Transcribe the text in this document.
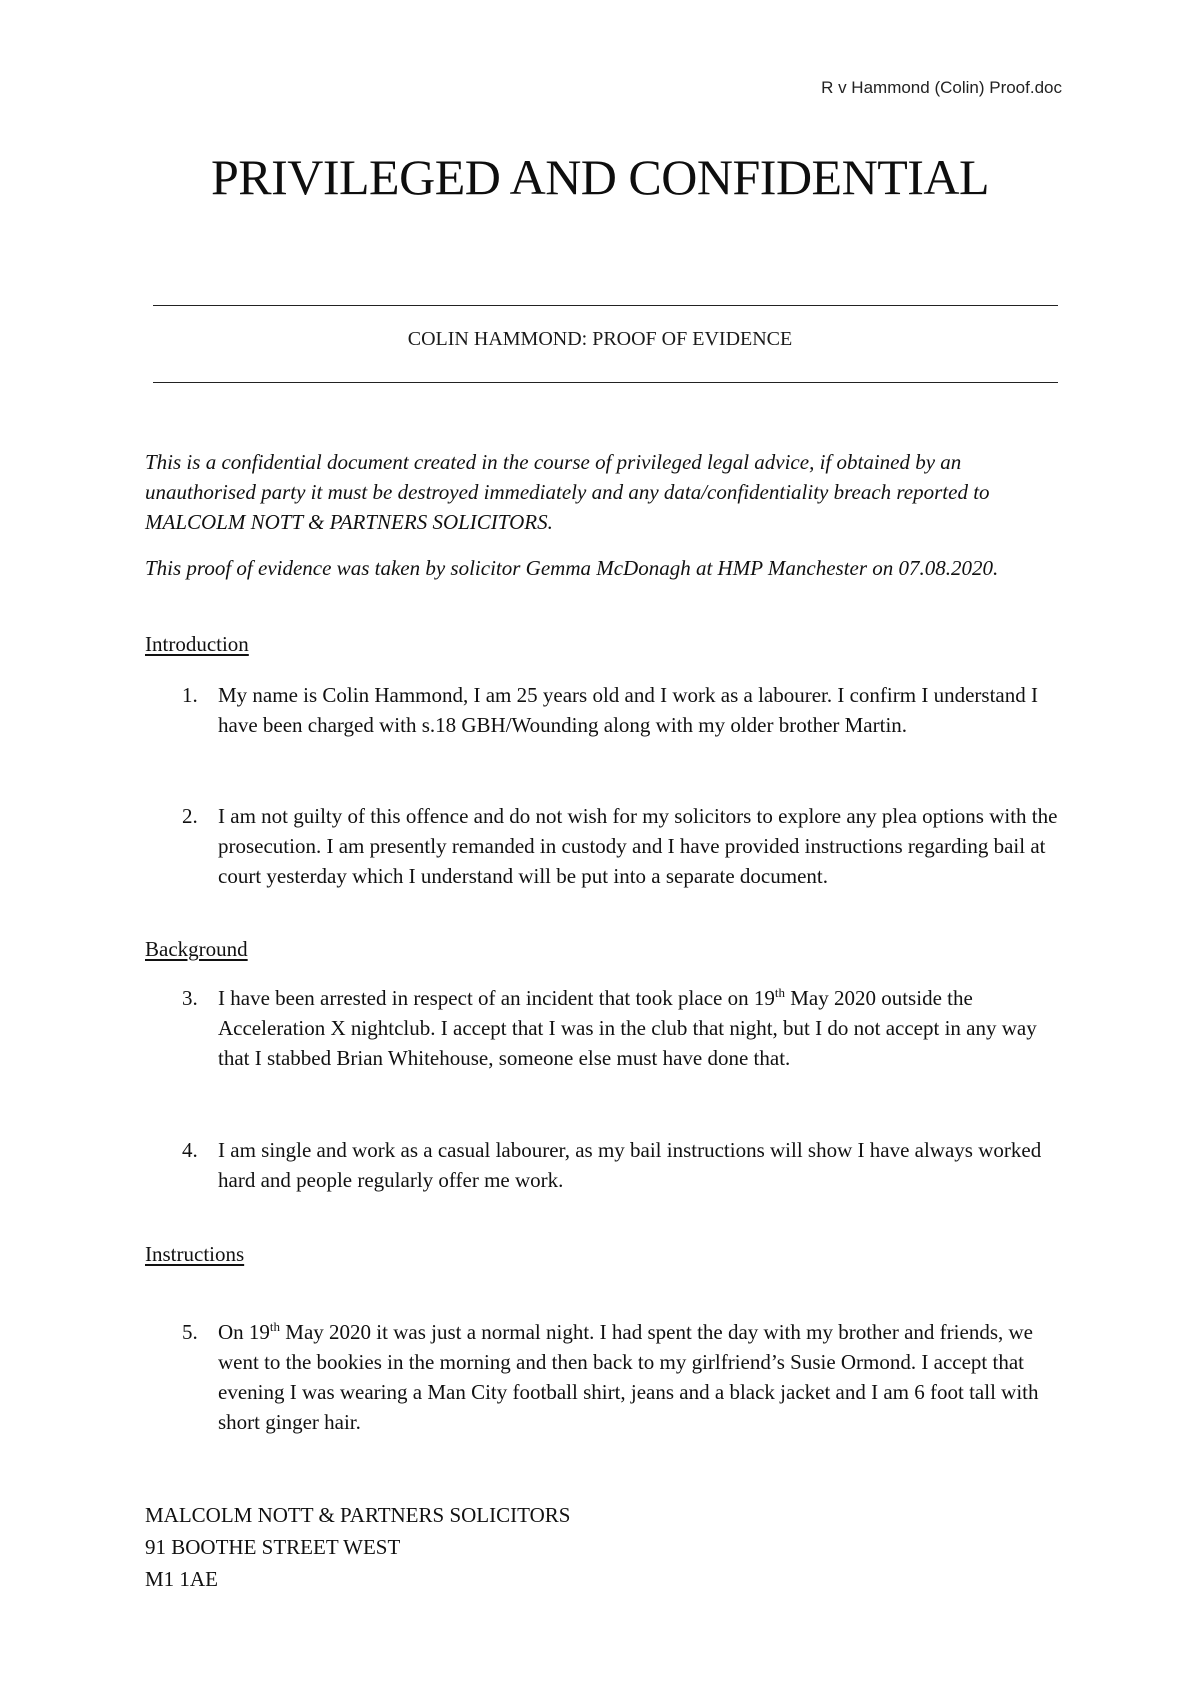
R v Hammond (Colin) Proof.doc
PRIVILEGED AND CONFIDENTIAL
COLIN HAMMOND: PROOF OF EVIDENCE
This is a confidential document created in the course of privileged legal advice, if obtained by an unauthorised party it must be destroyed immediately and any data/confidentiality breach reported to MALCOLM NOTT & PARTNERS SOLICITORS.
This proof of evidence was taken by solicitor Gemma McDonagh at HMP Manchester on 07.08.2020.
Introduction
1. My name is Colin Hammond, I am 25 years old and I work as a labourer. I confirm I understand I have been charged with s.18 GBH/Wounding along with my older brother Martin.
2. I am not guilty of this offence and do not wish for my solicitors to explore any plea options with the prosecution. I am presently remanded in custody and I have provided instructions regarding bail at court yesterday which I understand will be put into a separate document.
Background
3. I have been arrested in respect of an incident that took place on 19th May 2020 outside the Acceleration X nightclub. I accept that I was in the club that night, but I do not accept in any way that I stabbed Brian Whitehouse, someone else must have done that.
4. I am single and work as a casual labourer, as my bail instructions will show I have always worked hard and people regularly offer me work.
Instructions
5. On 19th May 2020 it was just a normal night. I had spent the day with my brother and friends, we went to the bookies in the morning and then back to my girlfriend’s Susie Ormond. I accept that evening I was wearing a Man City football shirt, jeans and a black jacket and I am 6 foot tall with short ginger hair.
MALCOLM NOTT & PARTNERS SOLICITORS
91 BOOTHE STREET WEST
M1 1AE
